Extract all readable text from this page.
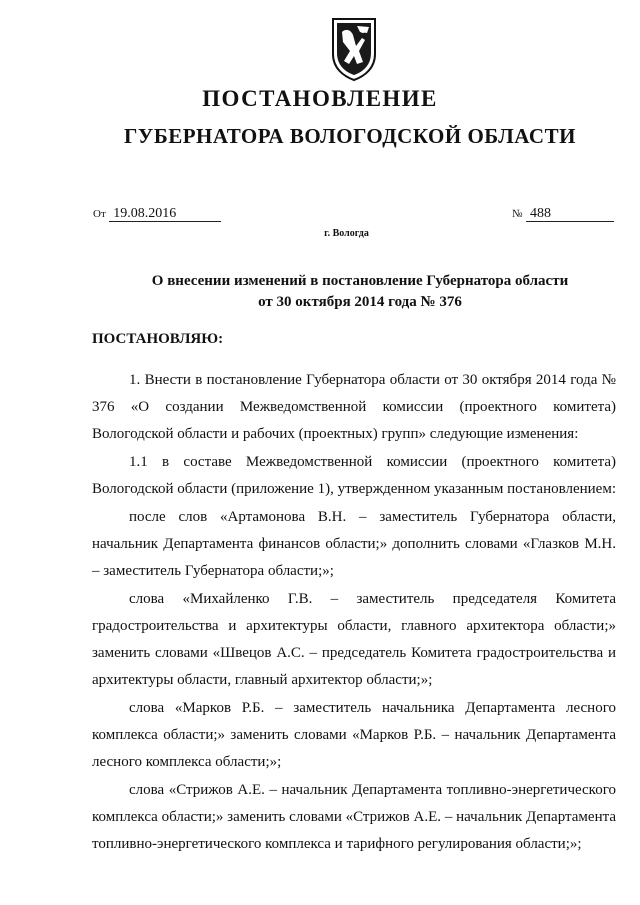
ПОСТАНОВЛЕНИЕ
ГУБЕРНАТОРА ВОЛОГОДСКОЙ ОБЛАСТИ
От 19.08.2016	№ 488
г. Вологда
О внесении изменений в постановление Губернатора области
от 30 октября 2014 года № 376

ПОСТАНОВЛЯЮ:

1. Внести в постановление Губернатора области от 30 октября 2014 года № 376 «О создании Межведомственной комиссии (проектного комитета) Вологодской области и рабочих (проектных) групп» следующие изменения:

1.1 в составе Межведомственной комиссии (проектного комитета) Вологодской области (приложение 1), утвержденном указанным постановлением:

после слов «Артамонова В.Н. – заместитель Губернатора области, начальник Департамента финансов области;» дополнить словами «Глазков М.Н. – заместитель Губернатора области;»;

слова «Михайленко Г.В. – заместитель председателя Комитета градостроительства и архитектуры области, главного архитектора области;» заменить словами «Швецов А.С. – председатель Комитета градостроительства и архитектуры области, главный архитектор области;»;

слова «Марков Р.Б. – заместитель начальника Департамента лесного комплекса области;» заменить словами «Марков Р.Б. – начальник Департамента лесного комплекса области;»;

слова «Стрижов А.Е. – начальник Департамента топливно-энергетического комплекса области;» заменить словами «Стрижов А.Е. – начальник Департамента топливно-энергетического комплекса и тарифного регулирования области;»;
